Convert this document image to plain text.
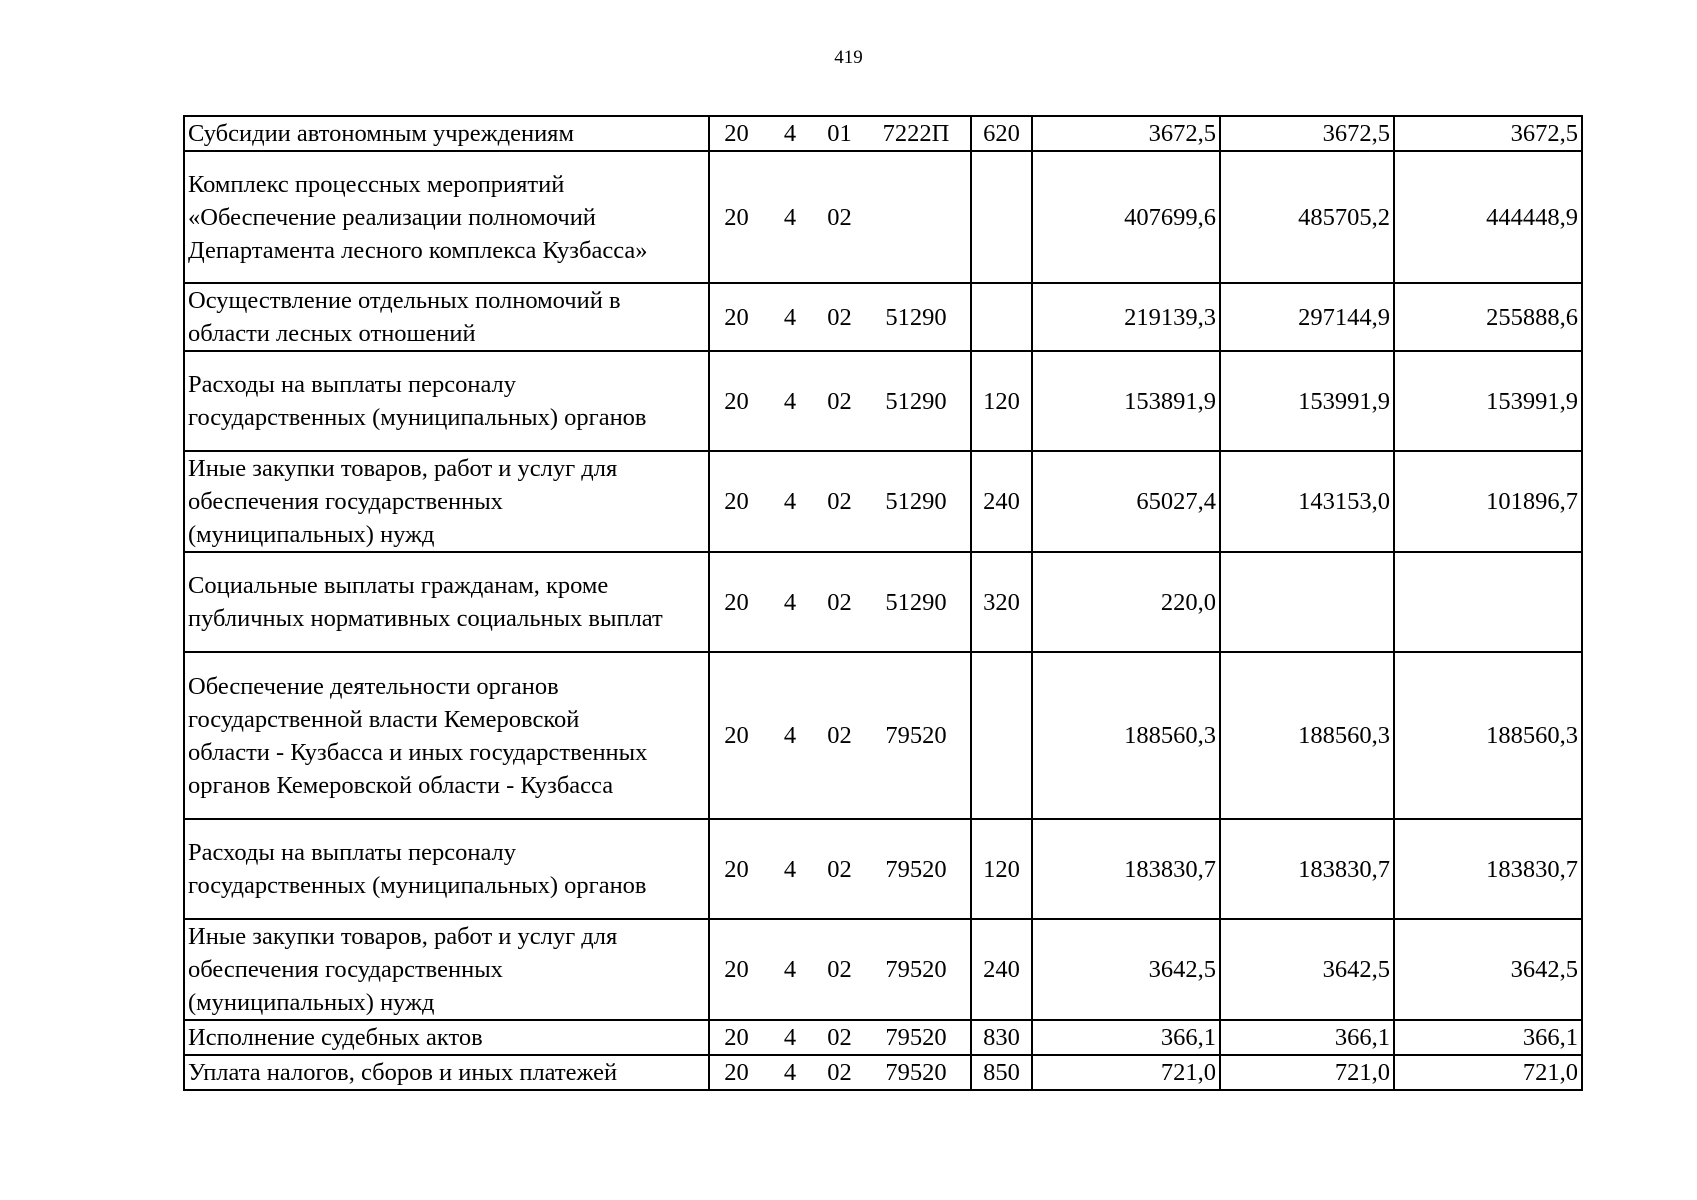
419
Субсидии автономным учреждениям	20	4	01	7222П	620	3672,5	3672,5	3672,5

Комплекс процессных мероприятий
«Обеспечение реализации полномочий
Департамента лесного комплекса Кузбасса»	20	4	02			407699,6	485705,2	444448,9

Осуществление отдельных полномочий в
области лесных отношений	20	4	02	51290		219139,3	297144,9	255888,6

Расходы на выплаты персоналу
государственных (муниципальных) органов	20	4	02	51290	120	153891,9	153991,9	153991,9

Иные закупки товаров, работ и услуг для
обеспечения государственных
(муниципальных) нужд	20	4	02	51290	240	65027,4	143153,0	101896,7

Социальные выплаты гражданам, кроме
публичных нормативных социальных выплат	20	4	02	51290	320	220,0		

Обеспечение деятельности органов
государственной власти Кемеровской
области - Кузбасса и иных государственных
органов Кемеровской области - Кузбасса	20	4	02	79520		188560,3	188560,3	188560,3

Расходы на выплаты персоналу
государственных (муниципальных) органов	20	4	02	79520	120	183830,7	183830,7	183830,7

Иные закупки товаров, работ и услуг для
обеспечения государственных
(муниципальных) нужд	20	4	02	79520	240	3642,5	3642,5	3642,5

Исполнение судебных актов	20	4	02	79520	830	366,1	366,1	366,1

Уплата налогов, сборов и иных платежей	20	4	02	79520	850	721,0	721,0	721,0
